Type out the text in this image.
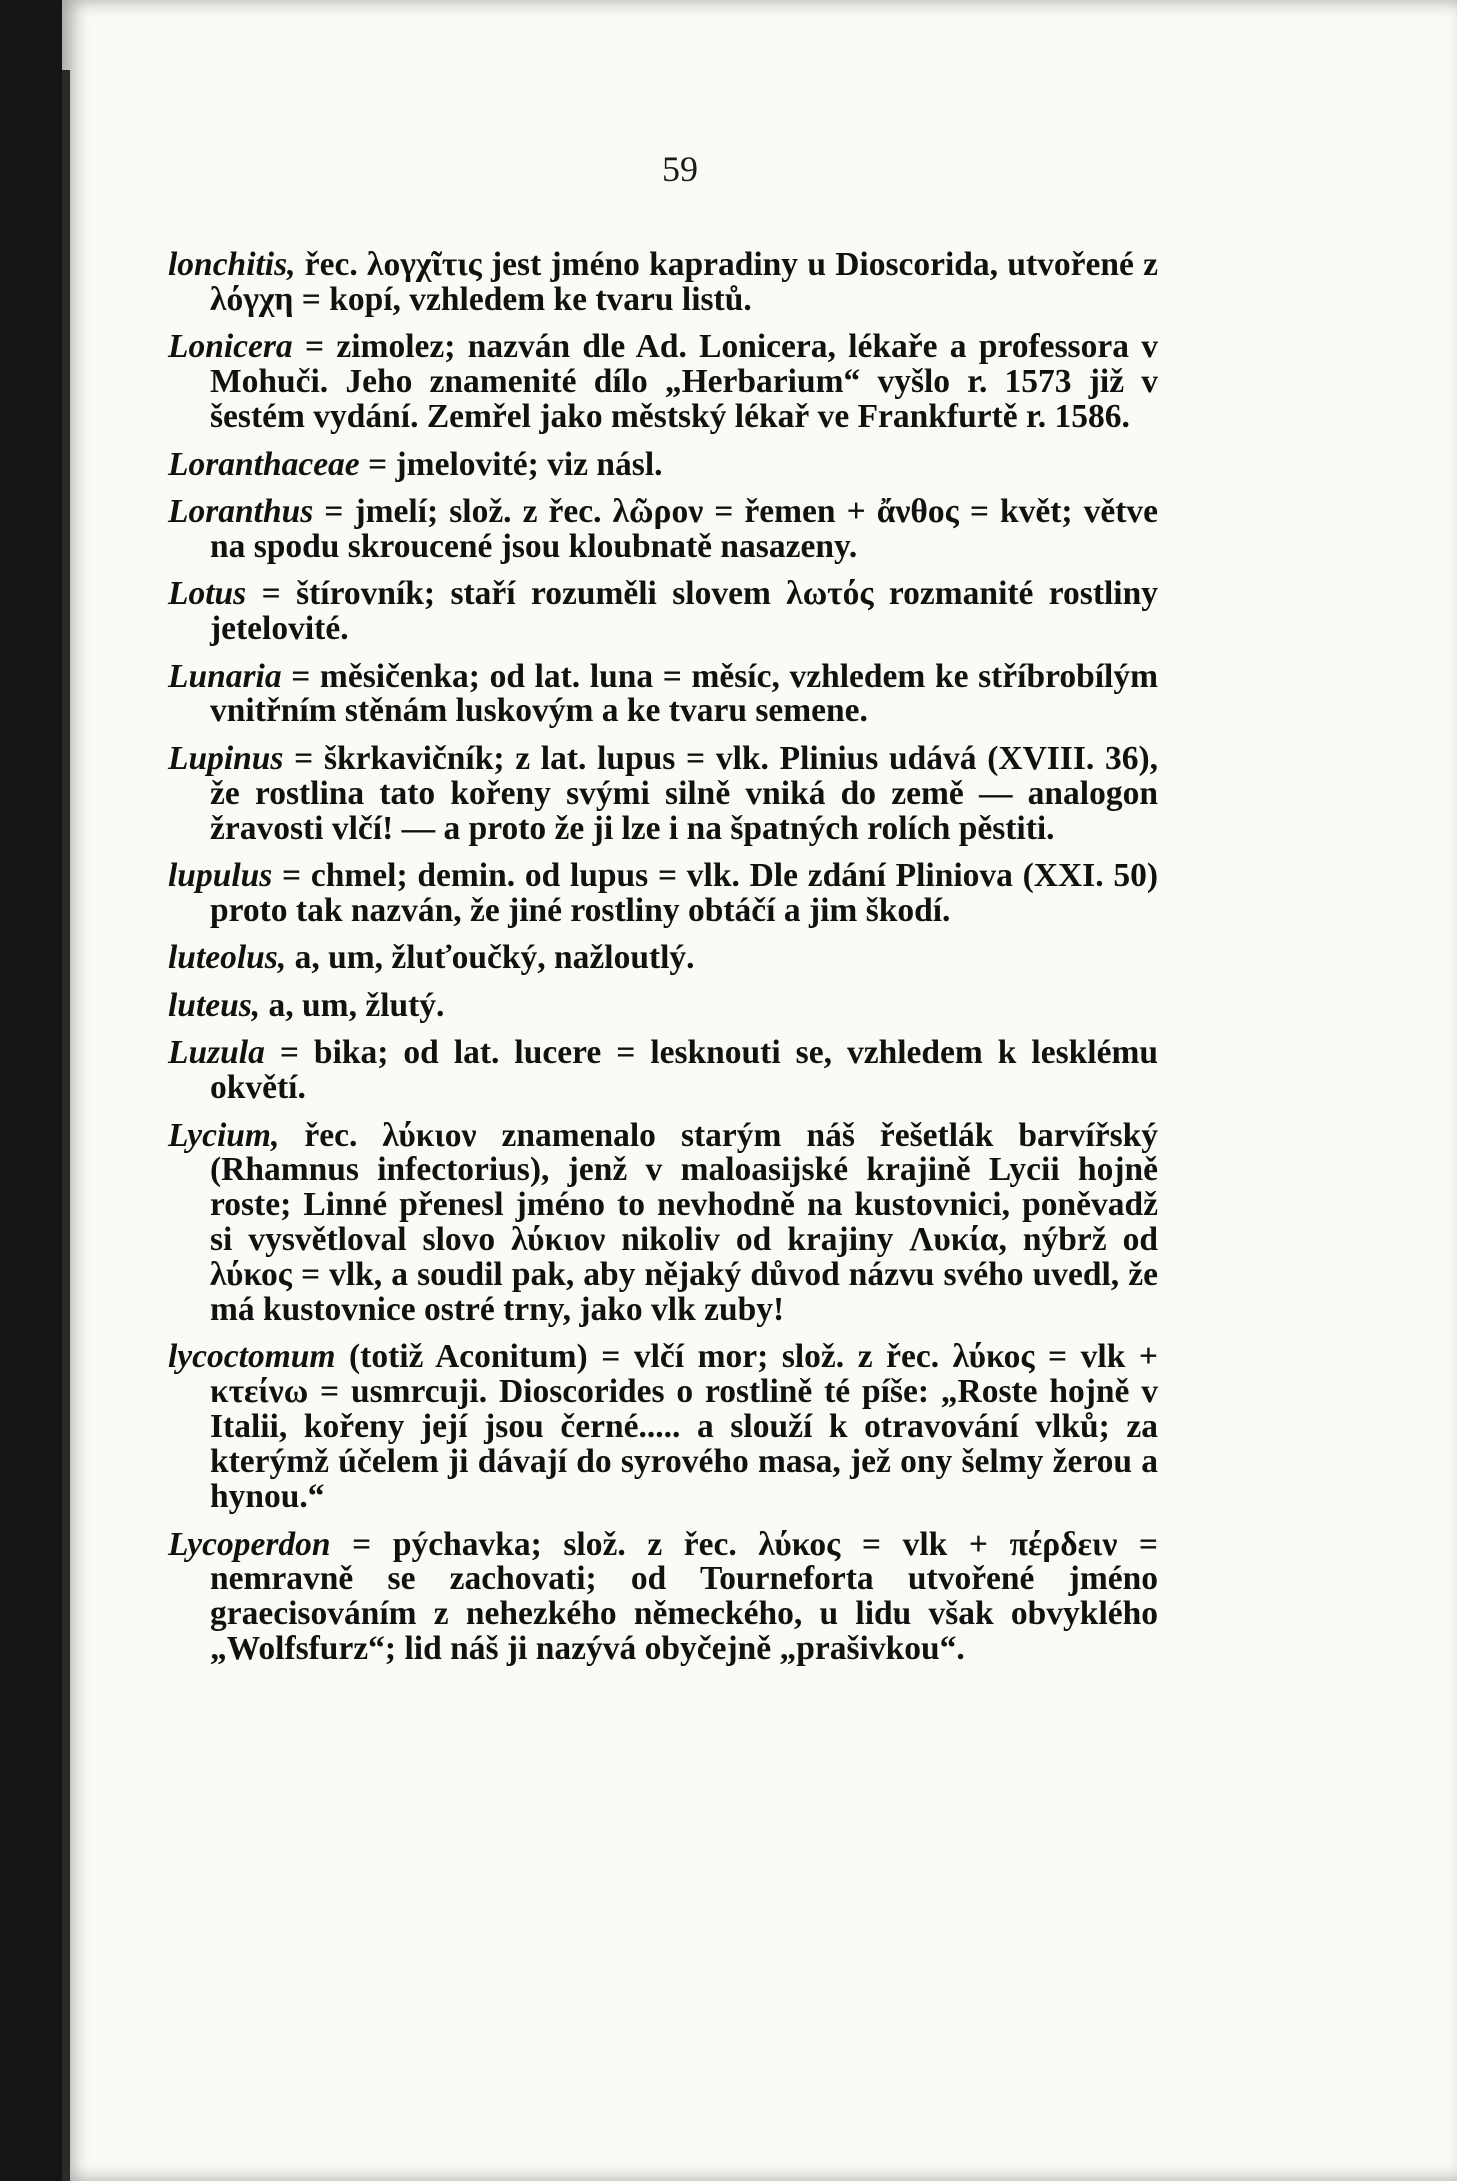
59

lonchitis, řec. λογχῖτις jest jméno kapradiny u Dioscorida, utvořené z λόγχη = kopí, vzhledem ke tvaru listů.

Lonicera = zimolez; nazván dle Ad. Lonicera, lékaře a professora v Mohuči. Jeho znamenité dílo „Herbarium“ vyšlo r. 1573 již v šestém vydání. Zemřel jako městský lékař ve Frankfurtě r. 1586.

Loranthaceae = jmelovité; viz násl.

Loranthus = jmelí; slož. z řec. λῶρον = řemen + ἄνθος = květ; větve na spodu skroucené jsou kloubnatě nasazeny.

Lotus = štírovník; staří rozuměli slovem λωτός rozmanité rostliny jetelovité.

Lunaria = měsičenka; od lat. luna = měsíc, vzhledem ke stříbrobílým vnitřním stěnám luskovým a ke tvaru semene.

Lupinus = škrkavičník; z lat. lupus = vlk. Plinius udává (XVIII. 36), že rostlina tato kořeny svými silně vniká do země — analogon žravosti vlčí! — a proto že ji lze i na špatných rolích pěstiti.

lupulus = chmel; demin. od lupus = vlk. Dle zdání Pliniova (XXI. 50) proto tak nazván, že jiné rostliny obtáčí a jim škodí.

luteolus, a, um, žluťoučký, nažloutlý.

luteus, a, um, žlutý.

Luzula = bika; od lat. lucere = lesknouti se, vzhledem k lesklému okvětí.

Lycium, řec. λύκιον znamenalo starým náš řešetlák barvířský (Rhamnus infectorius), jenž v maloasijské krajině Lycii hojně roste; Linné přenesl jméno to nevhodně na kustovnici, poněvadž si vysvětloval slovo λύκιον nikoliv od krajiny Λυκία, nýbrž od λύκος = vlk, a soudil pak, aby nějaký důvod názvu svého uvedl, že má kustovnice ostré trny, jako vlk zuby!

lycoctomum (totiž Aconitum) = vlčí mor; slož. z řec. λύκος = vlk + κτείνω = usmrcuji. Dioscorides o rostlině té píše: „Roste hojně v Italii, kořeny její jsou černé..... a slouží k otravování vlků; za kterýmž účelem ji dávají do syrového masa, jež ony šelmy žerou a hynou.“

Lycoperdon = pýchavka; slož. z řec. λύκος = vlk + πέρδειν = nemravně se zachovati; od Tourneforta utvořené jméno graecisováním z nehezkého německého, u lidu však obvyklého „Wolfsfurz“; lid náš ji nazývá obyčejně „prašivkou“.
